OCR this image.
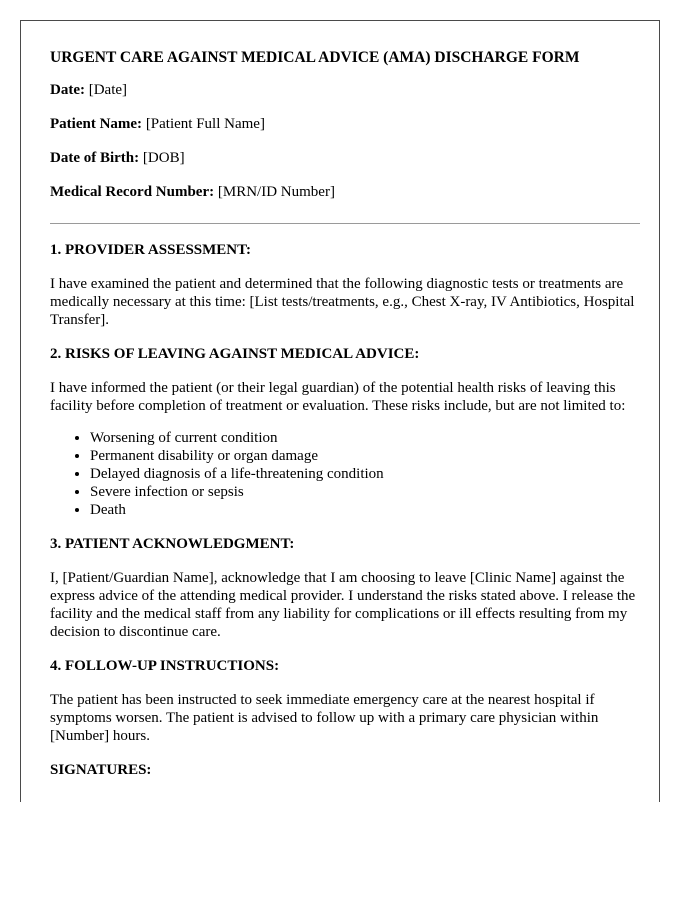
URGENT CARE AGAINST MEDICAL ADVICE (AMA) DISCHARGE FORM
Date: [Date]
Patient Name: [Patient Full Name]
Date of Birth: [DOB]
Medical Record Number: [MRN/ID Number]
1. PROVIDER ASSESSMENT:
I have examined the patient and determined that the following diagnostic tests or treatments are medically necessary at this time: [List tests/treatments, e.g., Chest X-ray, IV Antibiotics, Hospital Transfer].
2. RISKS OF LEAVING AGAINST MEDICAL ADVICE:
I have informed the patient (or their legal guardian) of the potential health risks of leaving this facility before completion of treatment or evaluation. These risks include, but are not limited to:
• Worsening of current condition
• Permanent disability or organ damage
• Delayed diagnosis of a life-threatening condition
• Severe infection or sepsis
• Death
3. PATIENT ACKNOWLEDGMENT:
I, [Patient/Guardian Name], acknowledge that I am choosing to leave [Clinic Name] against the express advice of the attending medical provider. I understand the risks stated above. I release the facility and the medical staff from any liability for complications or ill effects resulting from my decision to discontinue care.
4. FOLLOW-UP INSTRUCTIONS:
The patient has been instructed to seek immediate emergency care at the nearest hospital if symptoms worsen. The patient is advised to follow up with a primary care physician within [Number] hours.
SIGNATURES:
